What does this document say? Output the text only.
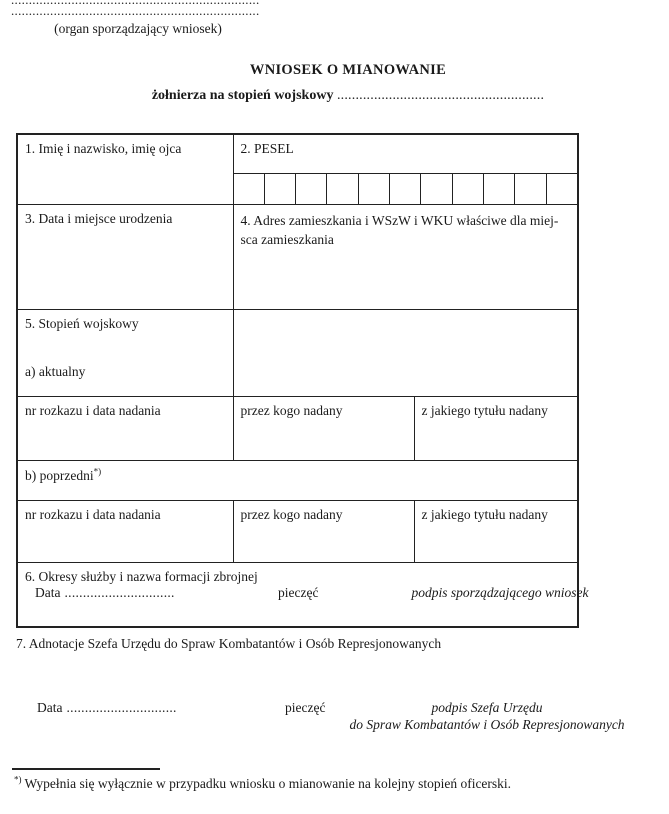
......................................................................
(organ sporządzający wniosek)
WNIOSEK O MIANOWANIE
żołnierza na stopień wojskowy ........................................................
1. Imię i nazwisko, imię ojca	2. PESEL	

3. Data i miejsce urodzenia	4. Adres zamieszkania i WSzW i WKU właściwe dla miej-
sca zamieszkania	

5. Stopień wojskowy
a) aktualny		

nr rozkazu i data nadania	przez kogo nadany	z jakiego tytułu nadany
b) poprzedni*)
nr rozkazu i data nadania	przez kogo nadany	z jakiego tytułu nadany
6. Okresy służby i nazwa formacji zbrojnej		
Data ..............................	pieczęć	podpis sporządzającego wniosek
7. Adnotacje Szefa Urzędu do Spraw Kombatantów i Osób Represjonowanych
Data ..............................	pieczęć	podpis Szefa Urzędu
do Spraw Kombatantów i Osób Represjonowanych
*) Wypełnia się wyłącznie w przypadku wniosku o mianowanie na kolejny stopień oficerski.
